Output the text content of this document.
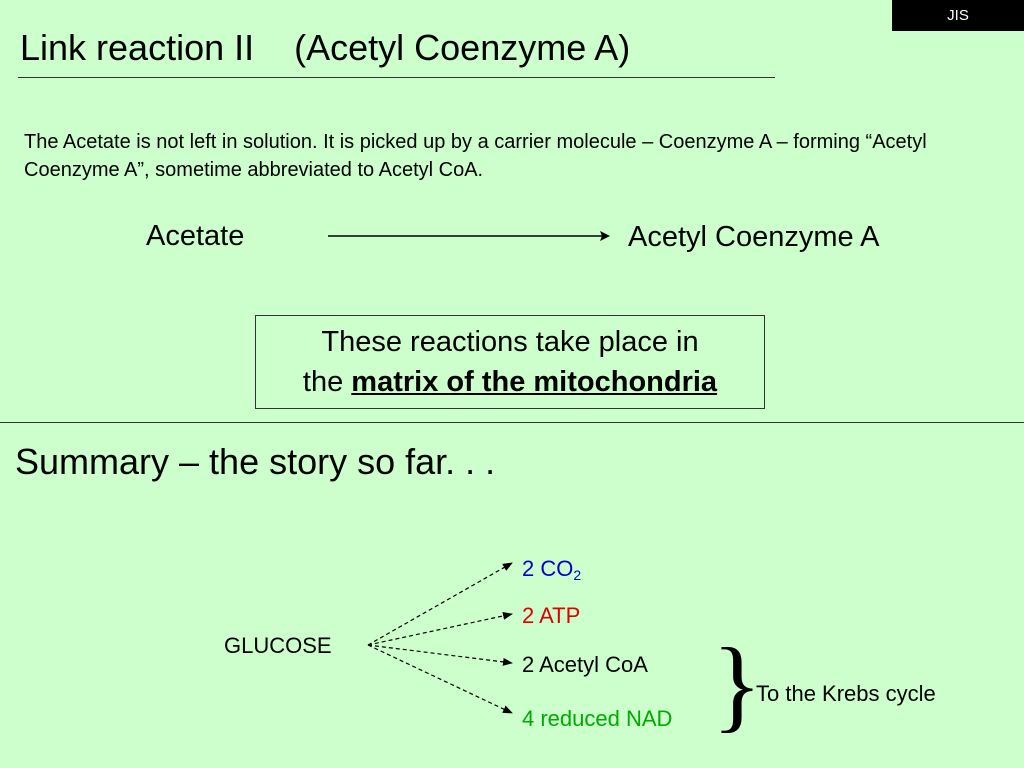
JIS
Link reaction II    (Acetyl Coenzyme A)
The Acetate is not left in solution. It is picked up by a carrier molecule – Coenzyme A – forming “Acetyl Coenzyme A”, sometime abbreviated to Acetyl CoA.
Acetate	Acetyl Coenzyme A
These reactions take place in
the matrix of the mitochondria
Summary – the story so far. . .
GLUCOSE
2 $CO_2$
2 ATP
2 Acetyl CoA
4 reduced NAD }
To the Krebs cycle
